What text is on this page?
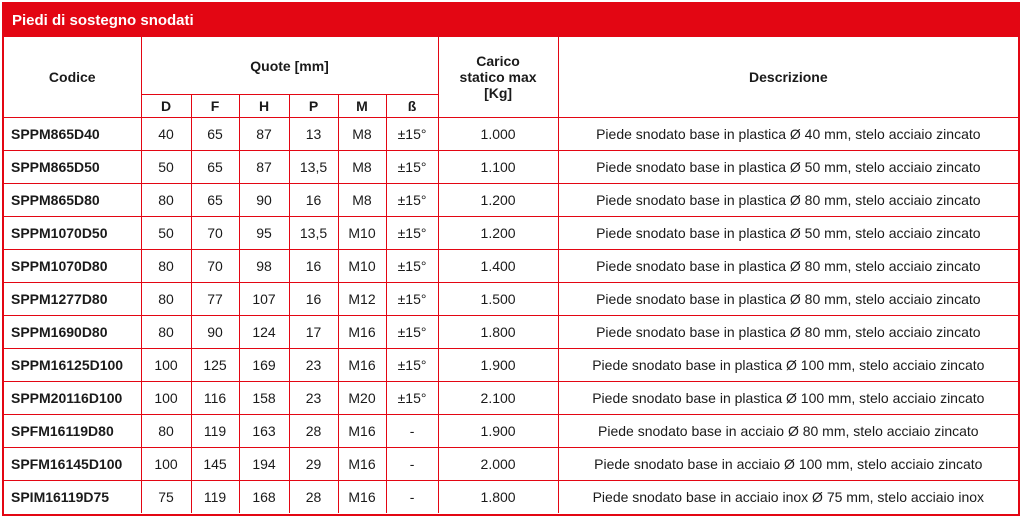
Piedi di sostegno snodati
Codice	Quote [mm]						Carico statico max [Kg]	Descrizione
	D	F	H	P	M	ß		
SPPM865D40	40	65	87	13	M8	±15°	1.000	Piede snodato base in plastica Ø 40 mm, stelo acciaio zincato
SPPM865D50	50	65	87	13,5	M8	±15°	1.100	Piede snodato base in plastica Ø 50 mm, stelo acciaio zincato
SPPM865D80	80	65	90	16	M8	±15°	1.200	Piede snodato base in plastica Ø 80 mm, stelo acciaio zincato
SPPM1070D50	50	70	95	13,5	M10	±15°	1.200	Piede snodato base in plastica Ø 50 mm, stelo acciaio zincato
SPPM1070D80	80	70	98	16	M10	±15°	1.400	Piede snodato base in plastica Ø 80 mm, stelo acciaio zincato
SPPM1277D80	80	77	107	16	M12	±15°	1.500	Piede snodato base in plastica Ø 80 mm, stelo acciaio zincato
SPPM1690D80	80	90	124	17	M16	±15°	1.800	Piede snodato base in plastica Ø 80 mm, stelo acciaio zincato
SPPM16125D100	100	125	169	23	M16	±15°	1.900	Piede snodato base in plastica Ø 100 mm, stelo acciaio zincato
SPPM20116D100	100	116	158	23	M20	±15°	2.100	Piede snodato base in plastica Ø 100 mm, stelo acciaio zincato
SPFM16119D80	80	119	163	28	M16	-	1.900	Piede snodato base in acciaio Ø 80 mm, stelo acciaio zincato
SPFM16145D100	100	145	194	29	M16	-	2.000	Piede snodato base in acciaio Ø 100 mm, stelo acciaio zincato
SPIM16119D75	75	119	168	28	M16	-	1.800	Piede snodato base in acciaio inox Ø 75 mm, stelo acciaio inox
